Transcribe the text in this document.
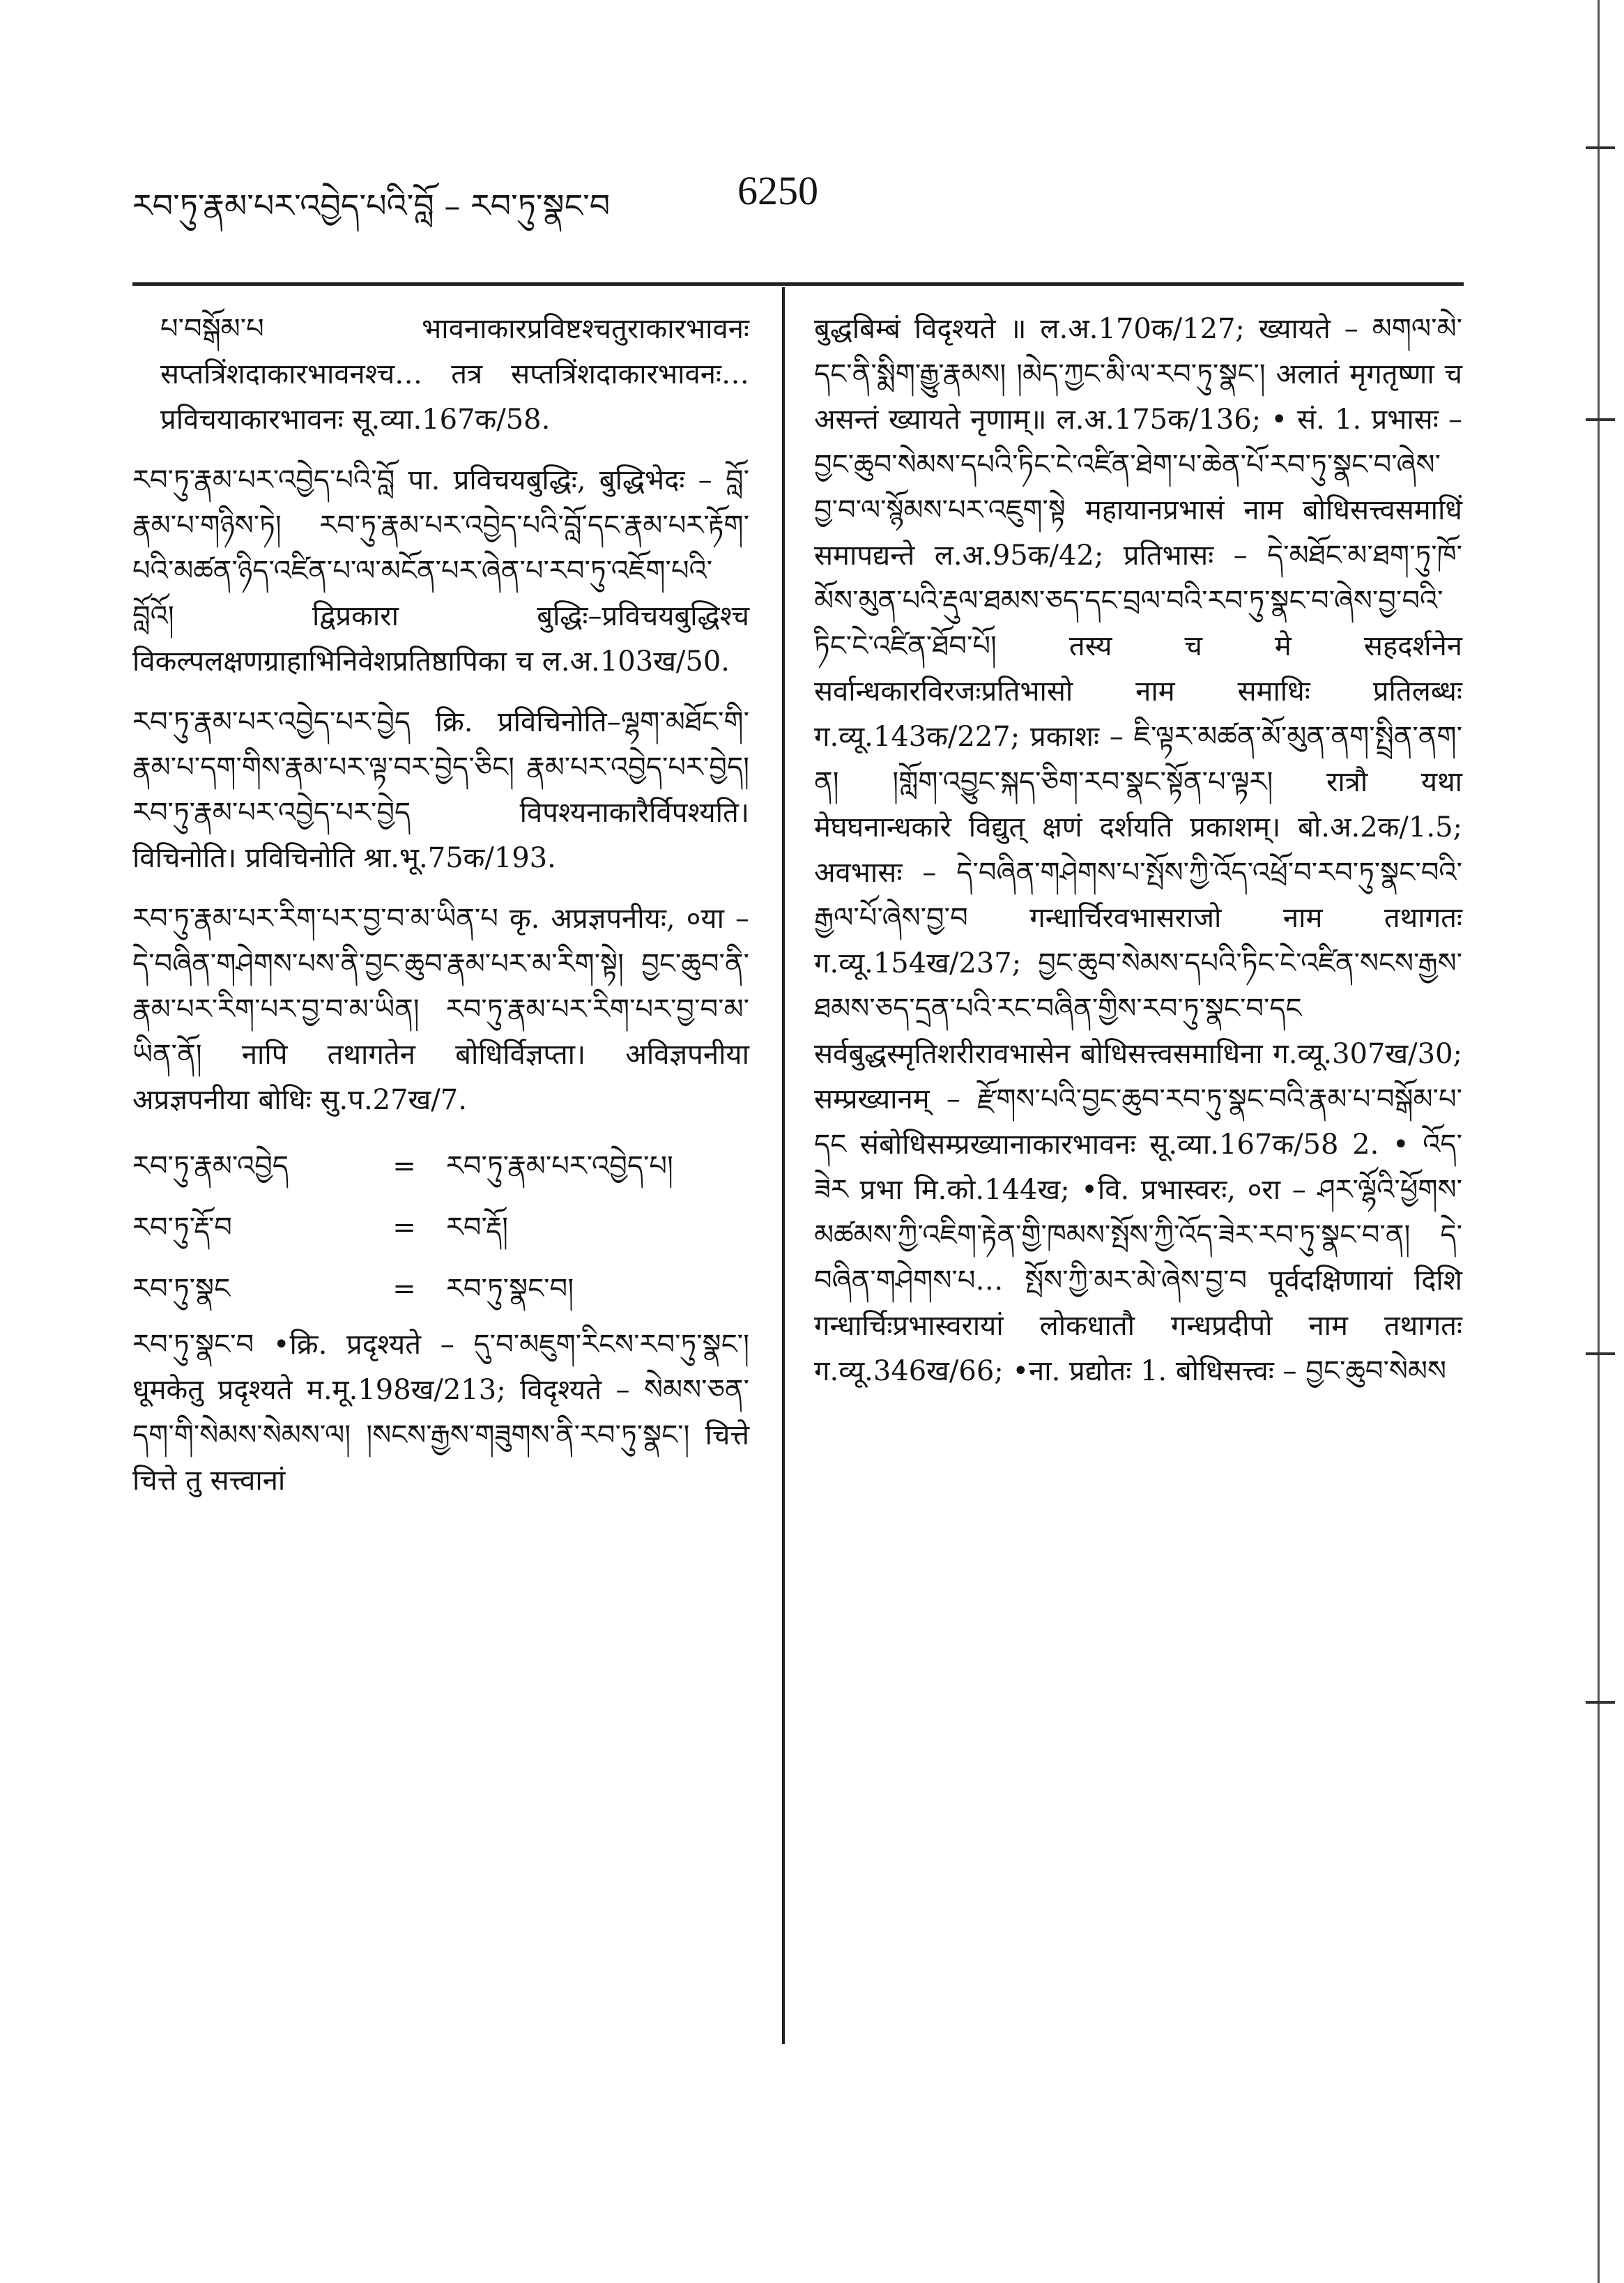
རབ་ཏུ་རྣམ་པར་འབྱེད་པའི་བློ – རབ་ཏུ་སྣང་བ	6250

པ་བསྒོམ་པ भावनाकारप्रविष्टश्चतुराकारभावनः सप्तत्रिंशदाकारभावनश्च… तत्र सप्तत्रिंशदाकारभावनः…प्रविचयाकारभावनः सू.व्या.167क/58.

རབ་ཏུ་རྣམ་པར་འབྱེད་པའི་བློ पा. प्रविचयबुद्धिः, बुद्धिभेदः – བློ་རྣམ་པ་གཉིས་ཏེ། རབ་ཏུ་རྣམ་པར་འབྱེད་པའི་བློ་དང་རྣམ་པར་རྟོག་པའི་མཚན་ཉིད་འཛིན་པ་ལ་མངོན་པར་ཞེན་པ་རབ་ཏུ་འཇོག་པའི་བློའོ། द्विप्रकारा बुद्धिः–प्रविचयबुद्धिश्च विकल्पलक्षणग्राहाभिनिवेशप्रतिष्ठापिका च ल.अ.103ख/50.

རབ་ཏུ་རྣམ་པར་འབྱེད་པར་བྱེད क्रि. प्रविचिनोति–ལྷག་མཐོང་གི་རྣམ་པ་དག་གིས་རྣམ་པར་ལྟ་བར་བྱེད་ཅིང། རྣམ་པར་འབྱེད་པར་བྱེད། རབ་ཏུ་རྣམ་པར་འབྱེད་པར་བྱེད विपश्यनाकारैर्विपश्यति। विचिनोति। प्रविचिनोति श्रा.भू.75क/193.

རབ་ཏུ་རྣམ་པར་རིག་པར་བྱ་བ་མ་ཡིན་པ कृ. अप्रज्ञपनीयः, ०या – དེ་བཞིན་གཤེགས་པས་ནི་བྱང་ཆུབ་རྣམ་པར་མ་རིག་སྟེ། བྱང་ཆུབ་ནི་རྣམ་པར་རིག་པར་བྱ་བ་མ་ཡིན། རབ་ཏུ་རྣམ་པར་རིག་པར་བྱ་བ་མ་ཡིན་ནོ། नापि तथागतेन बोधिर्विज्ञप्ता। अविज्ञपनीया अप्रज्ञपनीया बोधिः सु.प.27ख/7.

རབ་ཏུ་རྣམ་འབྱེད	=	རབ་ཏུ་རྣམ་པར་འབྱེད་པ།
རབ་ཏུ་རྡོ་བ	=	རབ་རྡོ།
རབ་ཏུ་སྣང	=	རབ་ཏུ་སྣང་བ།

རབ་ཏུ་སྣང་བ •क्रि. प्रदृश्यते – དུ་བ་མཇུག་རིངས་རབ་ཏུ་སྣང་། धूमकेतु प्रदृश्यते म.मू.198ख/213; विदृश्यते – སེམས་ཅན་དག་གི་སེམས་སེམས་ལ། །སངས་རྒྱས་གཟུགས་ནི་རབ་ཏུ་སྣང་། चित्ते चित्ते तु सत्त्वानां

बुद्धबिम्बं विदृश्यते ॥ ल.अ.170क/127; ख्यायते – མགལ་མེ་དང་ནི་སྨིག་རྒྱུ་རྣམས། །མེད་ཀྱང་མི་ལ་རབ་ཏུ་སྣང་། अलातं मृगतृष्णा च असन्तं ख्यायते नृणाम्॥ ल.अ.175क/136; • सं. 1. प्रभासः – བྱང་ཆུབ་སེམས་དཔའི་ཏིང་ངེ་འཛིན་ཐེག་པ་ཆེན་པོ་རབ་ཏུ་སྣང་བ་ཞེས་བྱ་བ་ལ་སྙོམས་པར་འཇུག་སྟེ महायानप्रभासं नाम बोधिसत्त्वसमाधिं समापद्यन्ते ल.अ.95क/42; प्रतिभासः – དེ་མཐོང་མ་ཐག་ཏུ་ཁོ་མོས་མུན་པའི་རྡུལ་ཐམས་ཅད་དང་བྲལ་བའི་རབ་ཏུ་སྣང་བ་ཞེས་བྱ་བའི་ཏིང་ངེ་འཛིན་ཐོབ་པོ། तस्य च मे सहदर्शनेन सर्वान्धकारविरजःप्रतिभासो नाम समाधिः प्रतिलब्धः ग.व्यू.143क/227; प्रकाशः – ཇི་ལྟར་མཚན་མོ་མུན་ནག་སྤྲིན་ནག་ན། །གློག་འབྱུང་སྐད་ཅིག་རབ་སྣང་སྟོན་པ་ལྟར། रात्रौ यथा मेघघनान्धकारे विद्युत् क्षणं दर्शयति प्रकाशम्। बो.अ.2क/1.5; अवभासः – དེ་བཞིན་གཤེགས་པ་སྤོས་ཀྱི་འོད་འཕྲོ་བ་རབ་ཏུ་སྣང་བའི་རྒྱལ་པོ་ཞེས་བྱ་བ गन्धार्चिरवभासराजो नाम तथागतः ग.व्यू.154ख/237; བྱང་ཆུབ་སེམས་དཔའི་ཏིང་ངེ་འཛིན་སངས་རྒྱས་ཐམས་ཅད་དྲན་པའི་རང་བཞིན་གྱིས་རབ་ཏུ་སྣང་བ་དང सर्वबुद्धस्मृतिशरीरावभासेन बोधिसत्त्वसमाधिना ग.व्यू.307ख/30; सम्प्रख्यानम् – རྫོགས་པའི་བྱང་ཆུབ་རབ་ཏུ་སྣང་བའི་རྣམ་པ་བསྒོམ་པ་དང संबोधिसम्प्रख्यानाकारभावनः सू.व्या.167क/58 2. • འོད་ཟེར प्रभा मि.को.144ख; •वि. प्रभास्वरः, ०रा – ཤར་ལྷོའི་ཕྱོགས་མཚམས་ཀྱི་འཇིག་རྟེན་གྱི་ཁམས་སྤོས་ཀྱི་འོད་ཟེར་རབ་ཏུ་སྣང་བ་ན། དེ་བཞིན་གཤེགས་པ… སྤོས་ཀྱི་མར་མེ་ཞེས་བྱ་བ पूर्वदक्षिणायां दिशि गन्धार्चिःप्रभास्वरायां लोकधातौ गन्धप्रदीपो नाम तथागतः ग.व्यू.346ख/66; •ना. प्रद्योतः 1. बोधिसत्त्वः – བྱང་ཆུབ་སེམས
